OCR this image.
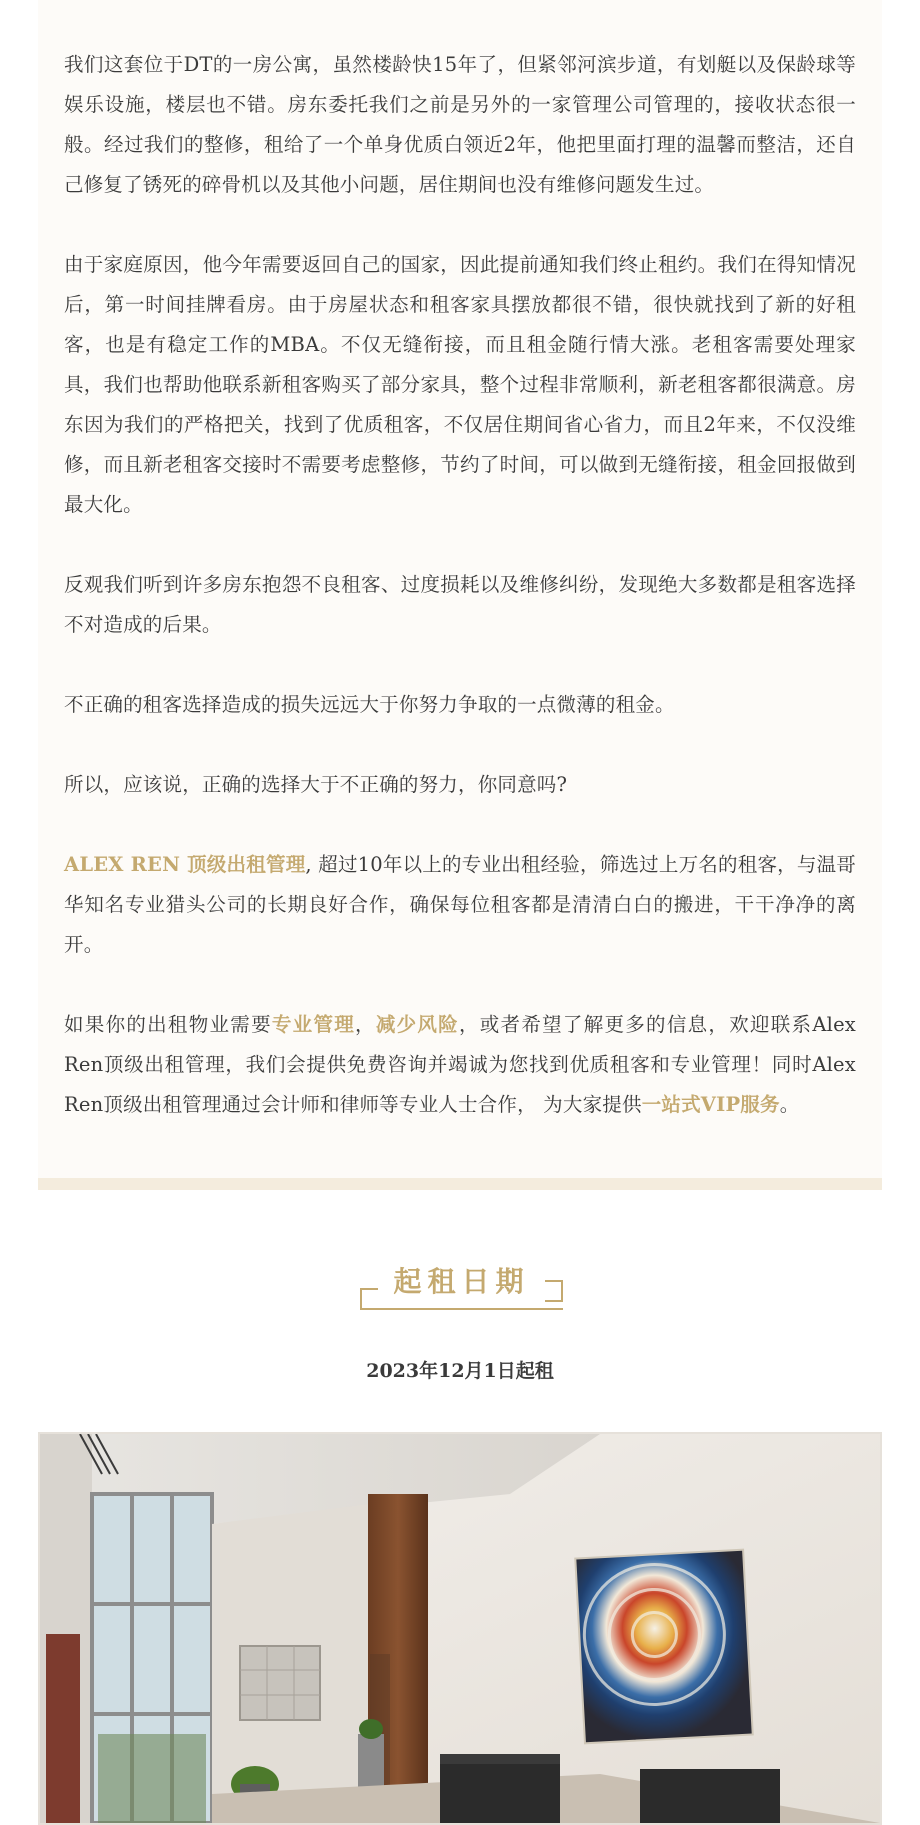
我们这套位于DT的一房公寓，虽然楼龄快15年了，但紧邻河滨步道，有划艇以及保龄球等娱乐设施，楼层也不错。房东委托我们之前是另外的一家管理公司管理的，接收状态很一般。经过我们的整修，租给了一个单身优质白领近2年，他把里面打理的温馨而整洁，还自己修复了锈死的碎骨机以及其他小问题，居住期间也没有维修问题发生过。

由于家庭原因，他今年需要返回自己的国家，因此提前通知我们终止租约。我们在得知情况后，第一时间挂牌看房。由于房屋状态和租客家具摆放都很不错，很快就找到了新的好租客，也是有稳定工作的MBA。不仅无缝衔接，而且租金随行情大涨。老租客需要处理家具，我们也帮助他联系新租客购买了部分家具，整个过程非常顺利，新老租客都很满意。房东因为我们的严格把关，找到了优质租客，不仅居住期间省心省力，而且2年来，不仅没维修，而且新老租客交接时不需要考虑整修，节约了时间，可以做到无缝衔接，租金回报做到最大化。

反观我们听到许多房东抱怨不良租客、过度损耗以及维修纠纷，发现绝大多数都是租客选择不对造成的后果。

不正确的租客选择造成的损失远远大于你努力争取的一点微薄的租金。

所以，应该说，正确的选择大于不正确的努力，你同意吗?

ALEX REN 顶级出租管理, 超过10年以上的专业出租经验，筛选过上万名的租客，与温哥华知名专业猎头公司的长期良好合作，确保每位租客都是清清白白的搬进，干干净净的离开。

如果你的出租物业需要专业管理，减少风险，或者希望了解更多的信息，欢迎联系Alex Ren顶级出租管理，我们会提供免费咨询并竭诚为您找到优质租客和专业管理！同时Alex Ren顶级出租管理通过会计师和律师等专业人士合作， 为大家提供一站式VIP服务。

起租日期
2023年12月1日起租
